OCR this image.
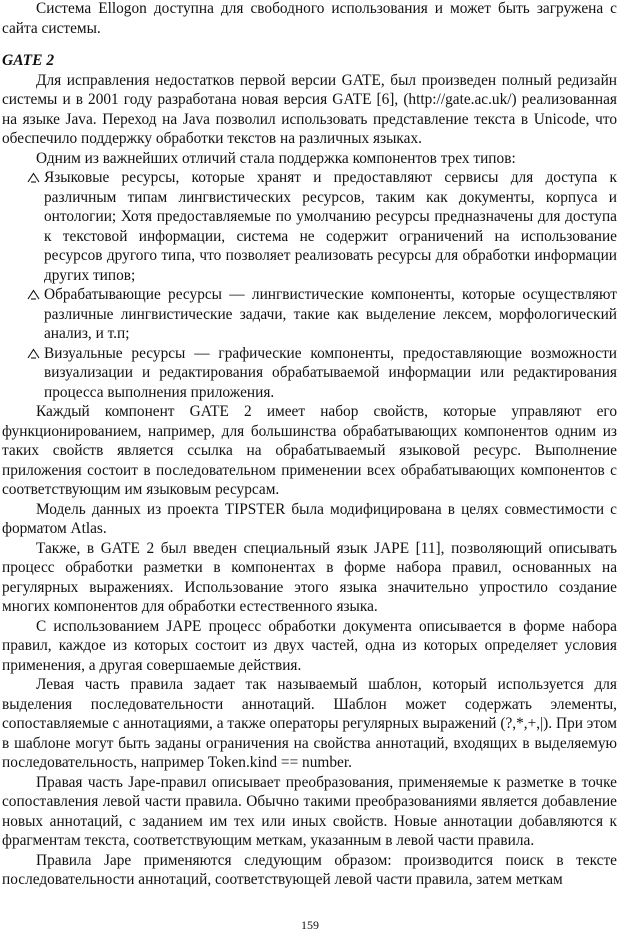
Система Ellogon доступна для свободного использования и может быть загружена с сайта системы.

GATE 2

Для исправления недостатков первой версии GATE, был произведен полный редизайн системы и в 2001 году разработана новая версия GATE [6], (http://gate.ac.uk/) реализованная на языке Java. Переход на Java позволил использовать представление текста в Unicode, что обеспечило поддержку обработки текстов на различных языках.

Одним из важнейших отличий стала поддержка компонентов трех типов:

Языковые ресурсы, которые хранят и предоставляют сервисы для доступа к различным типам лингвистических ресурсов, таким как документы, корпуса и онтологии; Хотя предоставляемые по умолчанию ресурсы предназначены для доступа к текстовой информации, система не содержит ограничений на использование ресурсов другого типа, что позволяет реализовать ресурсы для обработки информации других типов;
Обрабатывающие ресурсы — лингвистические компоненты, которые осуществляют различные лингвистические задачи, такие как выделение лексем, морфологический анализ, и т.п;
Визуальные ресурсы — графические компоненты, предоставляющие возможности визуализации и редактирования обрабатываемой информации или редактирования процесса выполнения приложения.

Каждый компонент GATE 2 имеет набор свойств, которые управляют его функционированием, например, для большинства обрабатывающих компонентов одним из таких свойств является ссылка на обрабатываемый языковой ресурс. Выполнение приложения состоит в последовательном применении всех обрабатывающих компонентов с соответствующим им языковым ресурсам.

Модель данных из проекта TIPSTER была модифицирована в целях совместимости с форматом Atlas.

Также, в GATE 2 был введен специальный язык JAPE [11], позволяющий описывать процесс обработки разметки в компонентах в форме набора правил, основанных на регулярных выражениях. Использование этого языка значительно упростило создание многих компонентов для обработки естественного языка.

С использованием JAPE процесс обработки документа описывается в форме набора правил, каждое из которых состоит из двух частей, одна из которых определяет условия применения, а другая совершаемые действия.

Левая часть правила задает так называемый шаблон, который используется для выделения последовательности аннотаций. Шаблон может содержать элементы, сопоставляемые с аннотациями, а также операторы регулярных выражений (?,*,+,|). При этом в шаблоне могут быть заданы ограничения на свойства аннотаций, входящих в выделяемую последовательность, например Token.kind == number.

Правая часть Jape-правил описывает преобразования, применяемые к разметке в точке сопоставления левой части правила. Обычно такими преобразованиями является добавление новых аннотаций, с заданием им тех или иных свойств. Новые аннотации добавляются к фрагментам текста, соответствующим меткам, указанным в левой части правила.

Правила Jape применяются следующим образом: производится поиск в тексте последовательности аннотаций, соответствующей левой части правила, затем меткам

159
